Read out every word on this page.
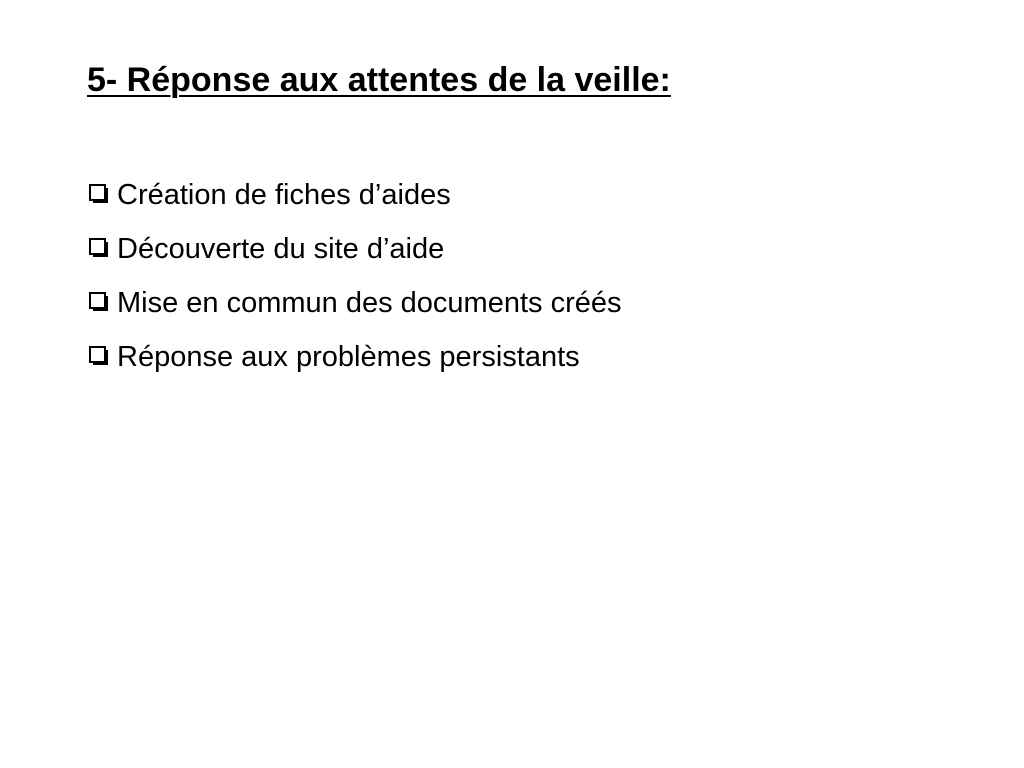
5- Réponse aux attentes de la veille:
Création de fiches d’aides
Découverte du site d’aide
Mise en commun des documents créés
Réponse aux problèmes persistants
